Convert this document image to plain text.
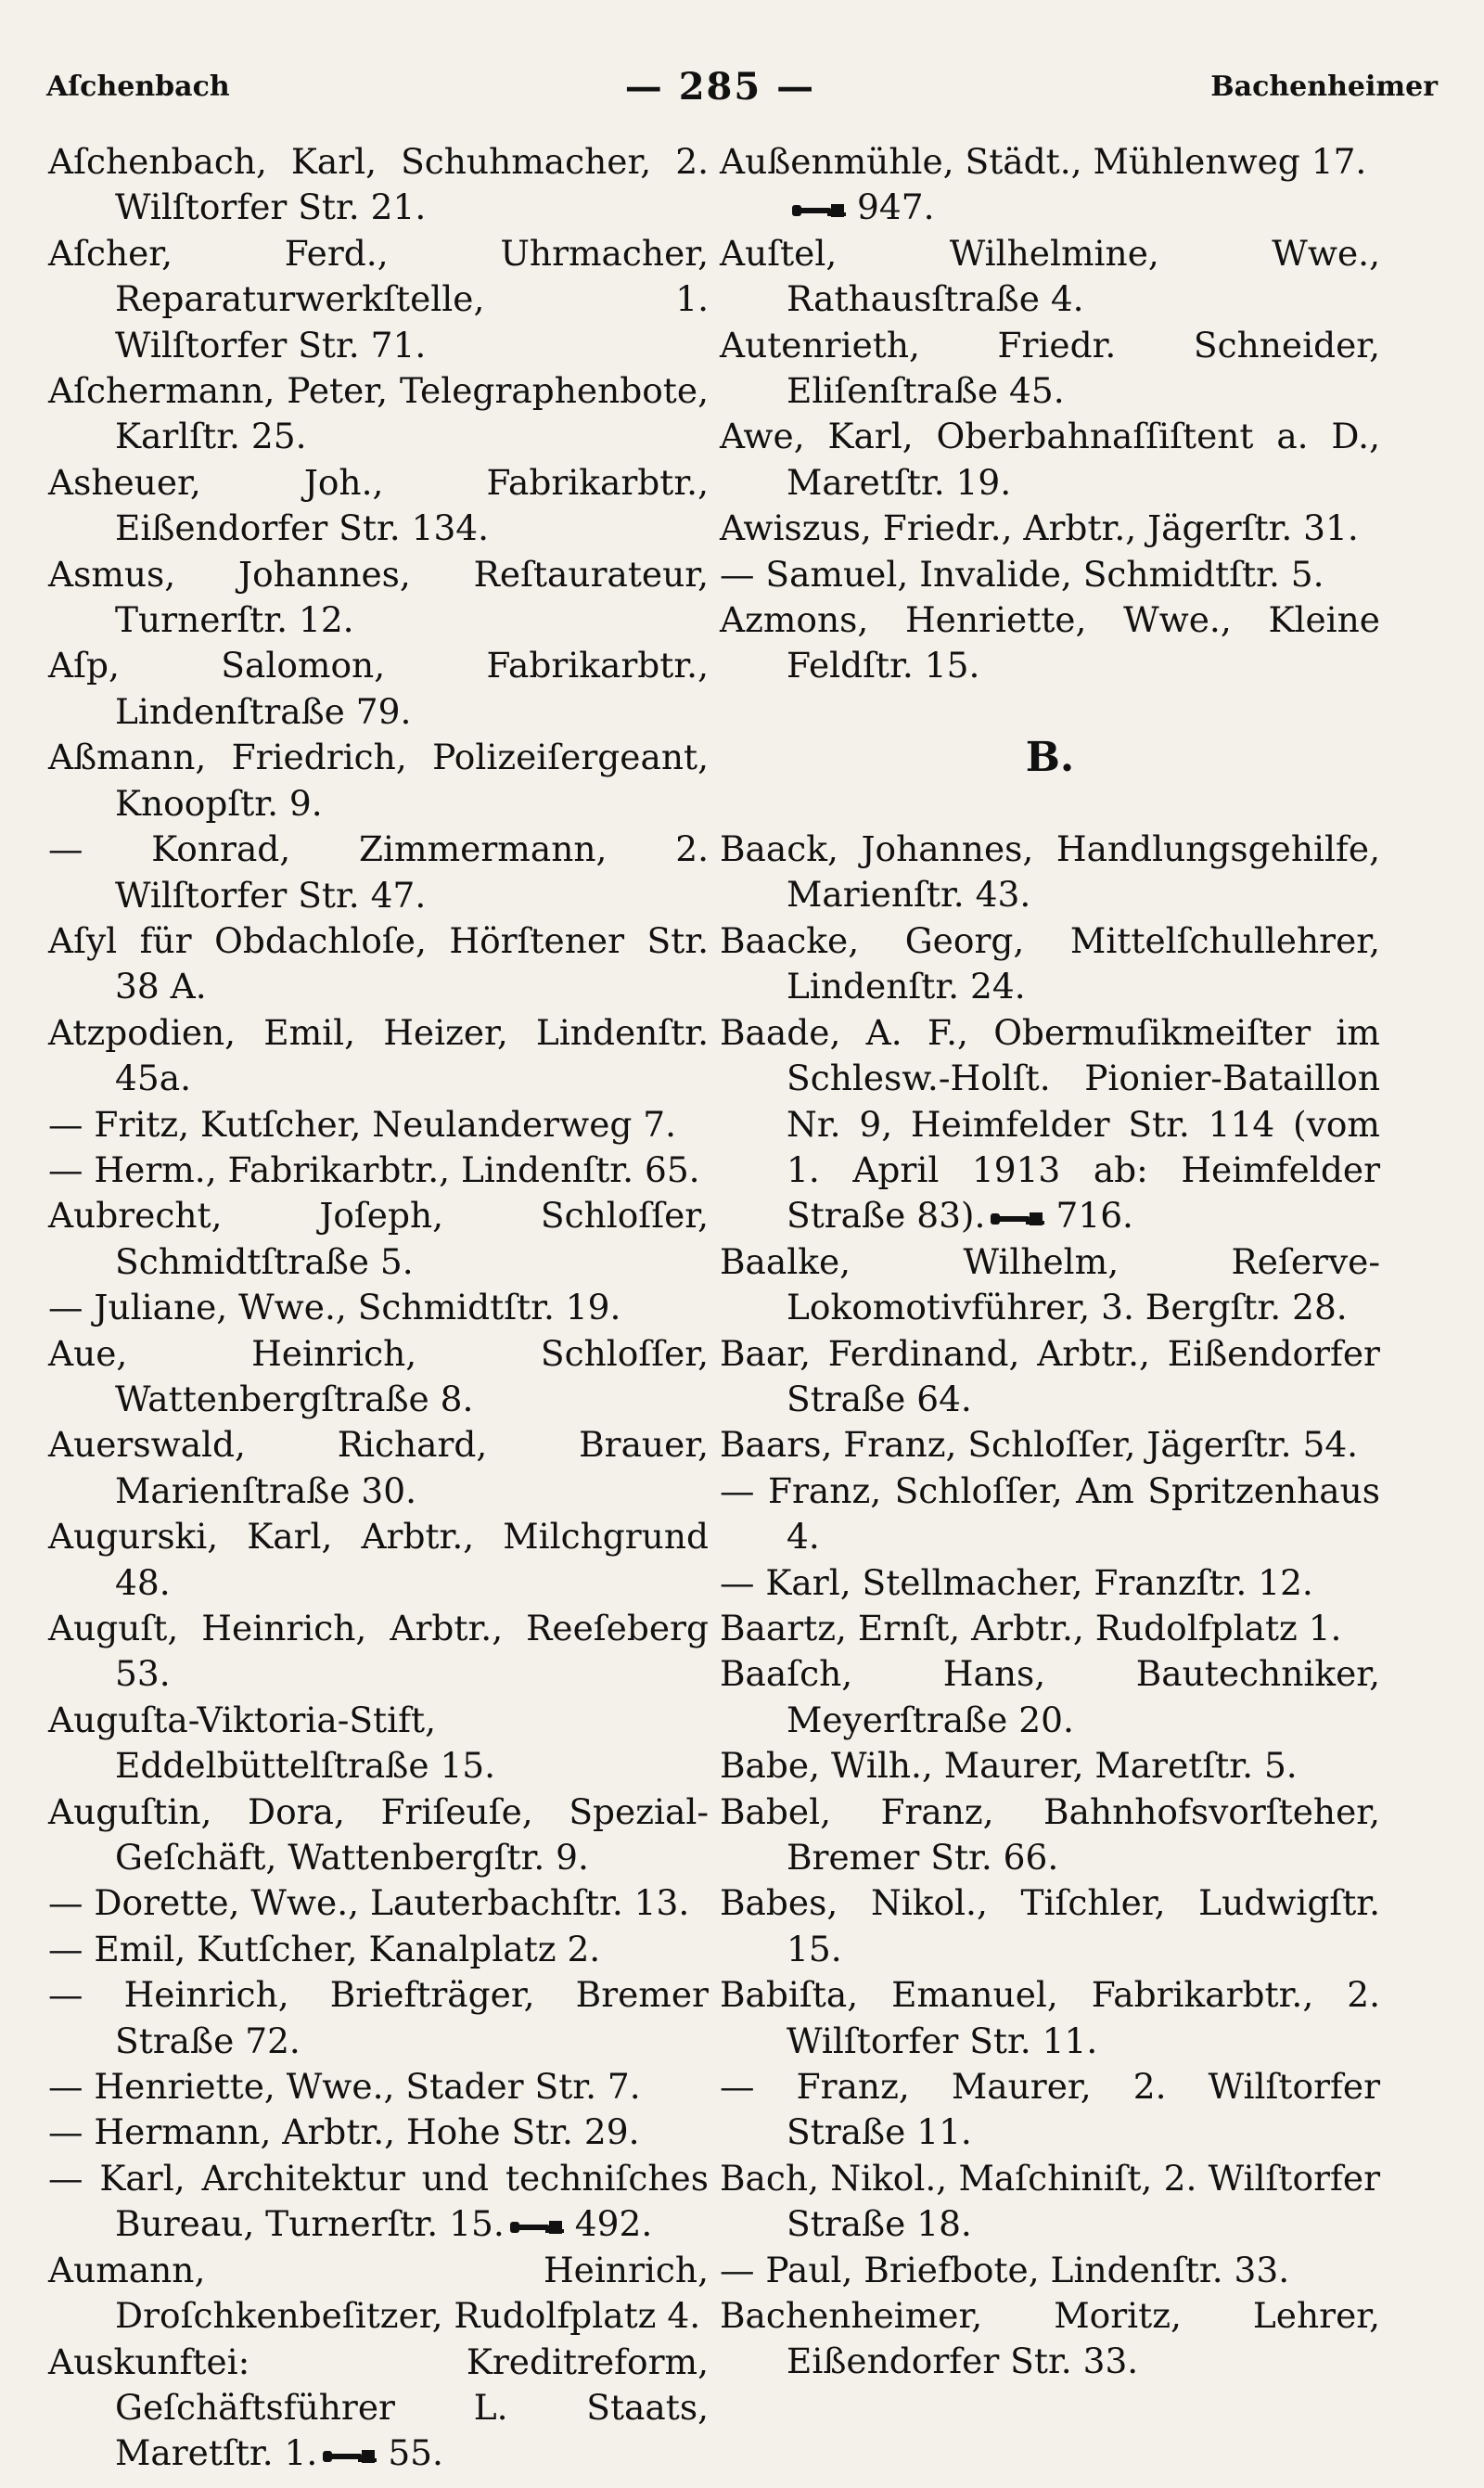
Aſchenbach	— 285 —	Bachenheimer
Aſchenbach, Karl, Schuhmacher, 2. Wilſtorfer Str. 21.
Aſcher, Ferd., Uhrmacher, Reparaturwerkſtelle, 1. Wilſtorfer Str. 71.
Aſchermann, Peter, Telegraphenbote, Karlſtr. 25.
Asheuer, Joh., Fabrikarbtr., Eißendorfer Str. 134.
Asmus, Johannes, Reſtaurateur, Turnerſtr. 12.
Aſp, Salomon, Fabrikarbtr., Lindenſtraße 79.
Aßmann, Friedrich, Polizeiſergeant, Knoopſtr. 9.
— Konrad, Zimmermann, 2. Wilſtorfer Str. 47.
Aſyl für Obdachloſe, Hörſtener Str. 38 A.
Atzpodien, Emil, Heizer, Lindenſtr. 45a.
— Fritz, Kutſcher, Neulanderweg 7.
— Herm., Fabrikarbtr., Lindenſtr. 65.
Aubrecht, Joſeph, Schloſſer, Schmidtſtraße 5.
— Juliane, Wwe., Schmidtſtr. 19.
Aue, Heinrich, Schloſſer, Wattenbergſtraße 8.
Auerswald, Richard, Brauer, Marienſtraße 30.
Augurski, Karl, Arbtr., Milchgrund 48.
Auguſt, Heinrich, Arbtr., Reeſeberg 53.
Auguſta-Viktoria-Stift, Eddelbüttelſtraße 15.
Auguſtin, Dora, Friſeuſe, Spezial-Geſchäft, Wattenbergſtr. 9.
— Dorette, Wwe., Lauterbachſtr. 13.
— Emil, Kutſcher, Kanalplatz 2.
— Heinrich, Briefträger, Bremer Straße 72.
— Henriette, Wwe., Stader Str. 7.
— Hermann, Arbtr., Hohe Str. 29.
— Karl, Architektur und techniſches Bureau, Turnerſtr. 15. 492.
Aumann, Heinrich, Droſchkenbeſitzer, Rudolfplatz 4.
Auskunftei: Kreditreform, Geſchäftsführer L. Staats, Maretſtr. 1. 55.
Außenmühle, Städt., Mühlenweg 17.
947.
Auſtel, Wilhelmine, Wwe., Rathausſtraße 4.
Autenrieth, Friedr. Schneider, Eliſenſtraße 45.
Awe, Karl, Oberbahnaſſiſtent a. D., Maretſtr. 19.
Awiszus, Friedr., Arbtr., Jägerſtr. 31.
— Samuel, Invalide, Schmidtſtr. 5.
Azmons, Henriette, Wwe., Kleine Feldſtr. 15.
B.
Baack, Johannes, Handlungsgehilfe, Marienſtr. 43.
Baacke, Georg, Mittelſchullehrer, Lindenſtr. 24.
Baade, A. F., Obermuſikmeiſter im Schlesw.-Holſt. Pionier-Bataillon Nr. 9, Heimfelder Str. 114 (vom 1. April 1913 ab: Heimfelder Straße 83). 716.
Baalke, Wilhelm, Reſerve-Lokomotivführer, 3. Bergſtr. 28.
Baar, Ferdinand, Arbtr., Eißendorfer Straße 64.
Baars, Franz, Schloſſer, Jägerſtr. 54.
— Franz, Schloſſer, Am Spritzenhaus 4.
— Karl, Stellmacher, Franzſtr. 12.
Baartz, Ernſt, Arbtr., Rudolfplatz 1.
Baaſch, Hans, Bautechniker, Meyerſtraße 20.
Babe, Wilh., Maurer, Maretſtr. 5.
Babel, Franz, Bahnhofsvorſteher, Bremer Str. 66.
Babes, Nikol., Tiſchler, Ludwigſtr. 15.
Babiſta, Emanuel, Fabrikarbtr., 2. Wilſtorfer Str. 11.
— Franz, Maurer, 2. Wilſtorfer Straße 11.
Bach, Nikol., Maſchiniſt, 2. Wilſtorfer Straße 18.
— Paul, Briefbote, Lindenſtr. 33.
Bachenheimer, Moritz, Lehrer, Eißendorfer Str. 33.
